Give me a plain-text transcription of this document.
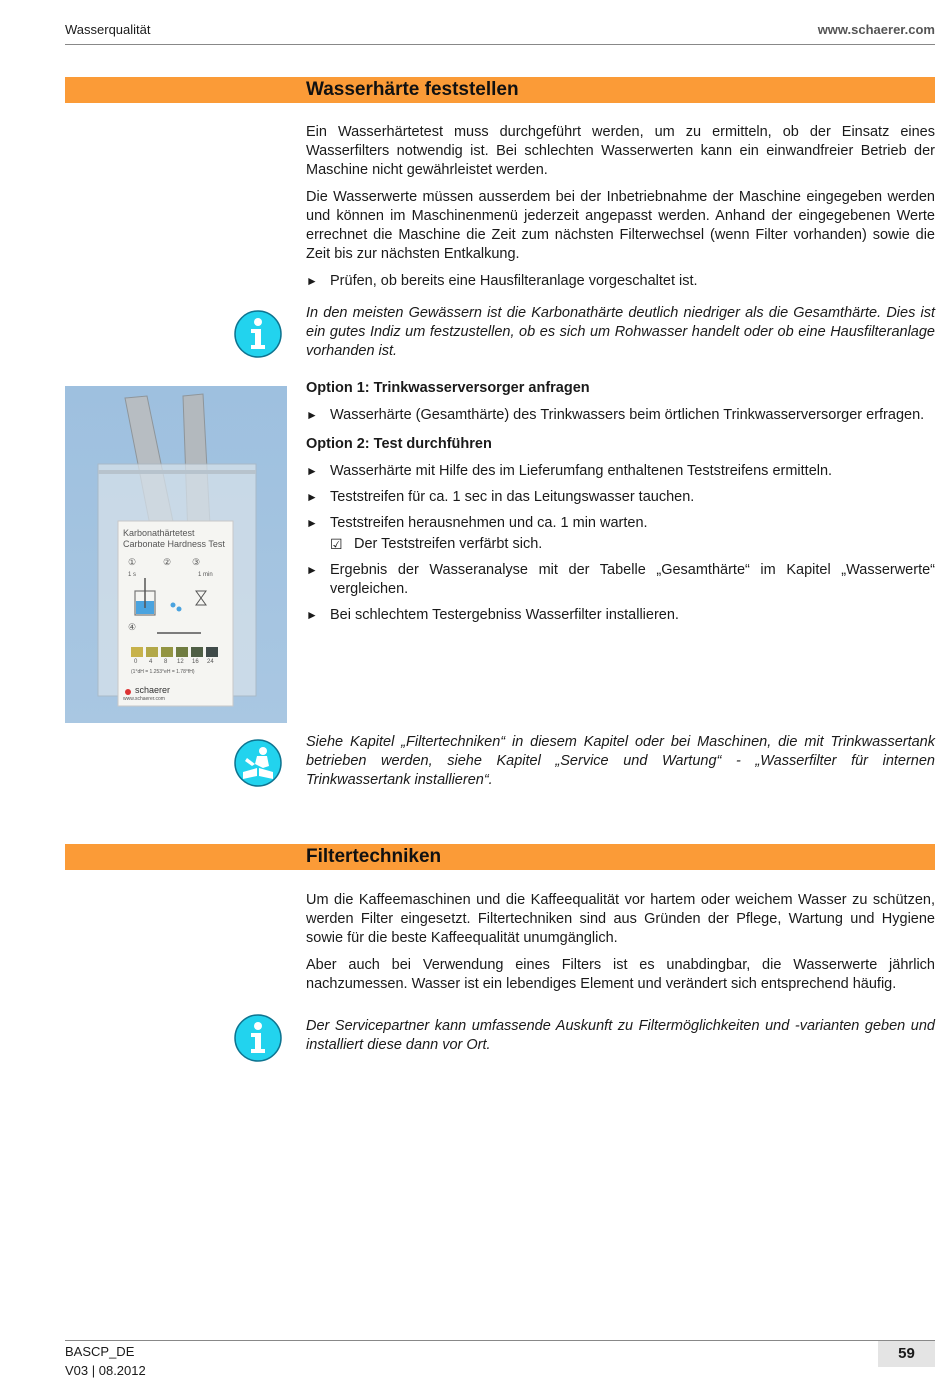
Wasserqualität	www.schaerer.com
Wasserhärte feststellen

Ein Wasserhärtetest muss durchgeführt werden, um zu ermitteln, ob der Einsatz eines Wasserfilters notwendig ist. Bei schlechten Wasserwerten kann ein einwandfreier Betrieb der Maschine nicht gewährleistet werden.

Die Wasserwerte müssen ausserdem bei der Inbetriebnahme der Maschine eingegeben werden und können im Maschinenmenü jederzeit angepasst werden. Anhand der eingegebenen Werte errechnet die Maschine die Zeit zum nächsten Filterwechsel (wenn Filter vorhanden) sowie die Zeit bis zur nächsten Entkalkung.

► Prüfen, ob bereits eine Hausfilteranlage vorgeschaltet ist.
In den meisten Gewässern ist die Karbonathärte deutlich niedriger als die Gesamthärte. Dies ist ein gutes Indiz um festzustellen, ob es sich um Rohwasser handelt oder ob eine Hausfilteranlage vorhanden ist.
Option 1: Trinkwasserversorger anfragen
► Wasserhärte (Gesamthärte) des Trinkwassers beim örtlichen Trinkwasserversorger erfragen.
Option 2: Test durchführen
► Wasserhärte mit Hilfe des im Lieferumfang enthaltenen Teststreifens ermitteln.
► Teststreifen für ca. 1 sec in das Leitungswasser tauchen.
► Teststreifen herausnehmen und ca. 1 min warten.
☑ Der Teststreifen verfärbt sich.
► Ergebnis der Wasseranalyse mit der Tabelle „Gesamthärte“ im Kapitel „Wasserwerte“ vergleichen.
► Bei schlechtem Testergebniss Wasserfilter installieren.
Siehe Kapitel „Filtertechniken“ in diesem Kapitel oder bei Maschinen, die mit Trinkwassertank betrieben werden, siehe Kapitel „Service und Wartung“ - „Wasserfilter für internen Trinkwassertank installieren“.
Karbonathärtetest
Carbonate Hardness Test
①	② ③
④
1 s	1 min
0 4 8 12 16 24
(1°dH = 1.253°eH = 1.78°fH)
schaerer
www.schaerer.com
Filtertechniken

Um die Kaffeemaschinen und die Kaffeequalität vor hartem oder weichem Wasser zu schützen, werden Filter eingesetzt. Filtertechniken sind aus Gründen der Pflege, Wartung und Hygiene sowie für die beste Kaffeequalität unumgänglich.

Aber auch bei Verwendung eines Filters ist es unabdingbar, die Wasserwerte jährlich nachzumessen. Wasser ist ein lebendiges Element und verändert sich entsprechend häufig.

Der Servicepartner kann umfassende Auskunft zu Filtermöglichkeiten und -varianten geben und installiert diese dann vor Ort.
BASCP_DE
V03 | 08.2012
59
